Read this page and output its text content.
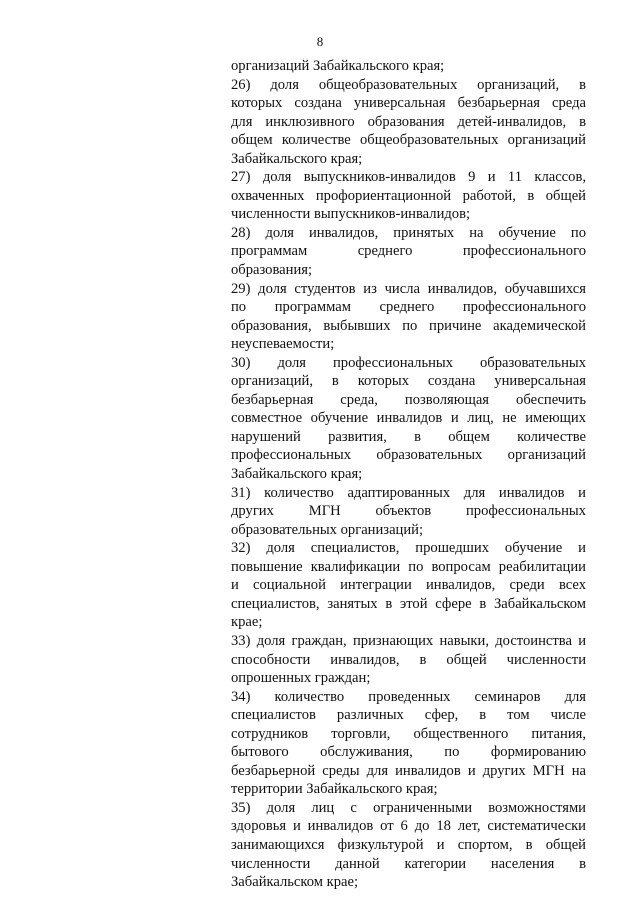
8
организаций Забайкальского края;
26) доля общеобразовательных организаций, в
которых создана универсальная безбарьерная среда
для инклюзивного образования детей-инвалидов, в
общем количестве общеобразовательных организаций
Забайкальского края;
27) доля выпускников-инвалидов 9 и 11 классов,
охваченных профориентационной работой, в общей
численности выпускников-инвалидов;
28) доля инвалидов, принятых на обучение по
программам среднего профессионального
образования;
29) доля студентов из числа инвалидов, обучавшихся
по программам среднего профессионального
образования, выбывших по причине академической
неуспеваемости;
30) доля профессиональных образовательных
организаций, в которых создана универсальная
безбарьерная среда, позволяющая обеспечить
совместное обучение инвалидов и лиц, не имеющих
нарушений развития, в общем количестве
профессиональных образовательных организаций
Забайкальского края;
31) количество адаптированных для инвалидов и
других МГН объектов профессиональных
образовательных организаций;
32) доля специалистов, прошедших обучение и
повышение квалификации по вопросам реабилитации
и социальной интеграции инвалидов, среди всех
специалистов, занятых в этой сфере в Забайкальском
крае;
33) доля граждан, признающих навыки, достоинства и
способности инвалидов, в общей численности
опрошенных граждан;
34) количество проведенных семинаров для
специалистов различных сфер, в том числе
сотрудников торговли, общественного питания,
бытового обслуживания, по формированию
безбарьерной среды для инвалидов и других МГН на
территории Забайкальского края;
35) доля лиц с ограниченными возможностями
здоровья и инвалидов от 6 до 18 лет, систематически
занимающихся физкультурой и спортом, в общей
численности данной категории населения в
Забайкальском крае;
